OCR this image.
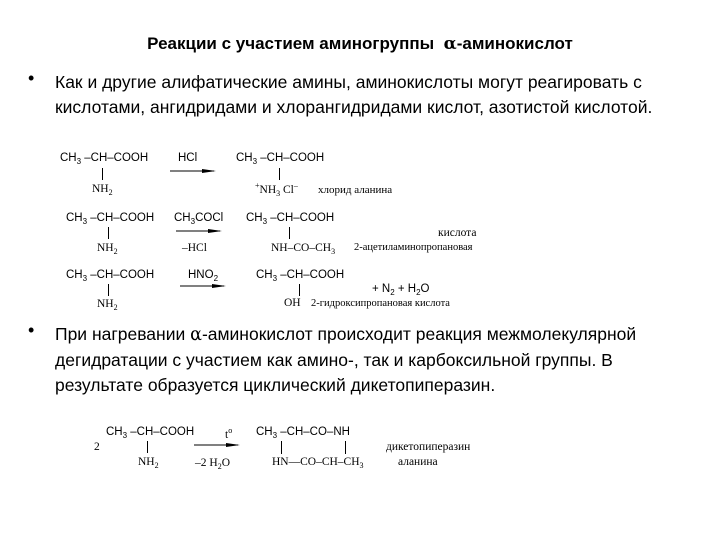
Реакции с участием аминогруппы α-аминокислот
• Как и другие алифатические амины, аминокислоты могут реагировать с кислотами, ангидридами и хлорангидридами кислот, азотистой кислотой.
$CH_3$ –CH–COOH
$NH_2$
HCl	$CH_3$ –CH–COOH
$^+NH_3$ Cl– хлорид аланина
$CH_3$ –CH–COOH
$NH_2$
$CH_3COCl$
–HCl
$CH_3$ –CH–COOH
$NH-CO-CH_3$
кислота
2-ацетиламинопропановая
$CH_3$ –CH–COOH
$NH_2$
$HNO_2$	$CH_3$ –CH–COOH
OH
+ $N_2 + H_2O$
2-гидроксипропановая кислота
• При нагревании α-аминокислот происходит реакция межмолекулярной дегидратации с участием как амино-, так и карбоксильной группы. В результате образуется циклический дикетопиперазин.
2
$CH_3$ –CH–COOH
$NH_2$
$t^o$
–2 $H_2O$
$CH_3$ –CH–CO–NH
$HN—CO-CH-CH_3$
дикетопиперазин
аланина
